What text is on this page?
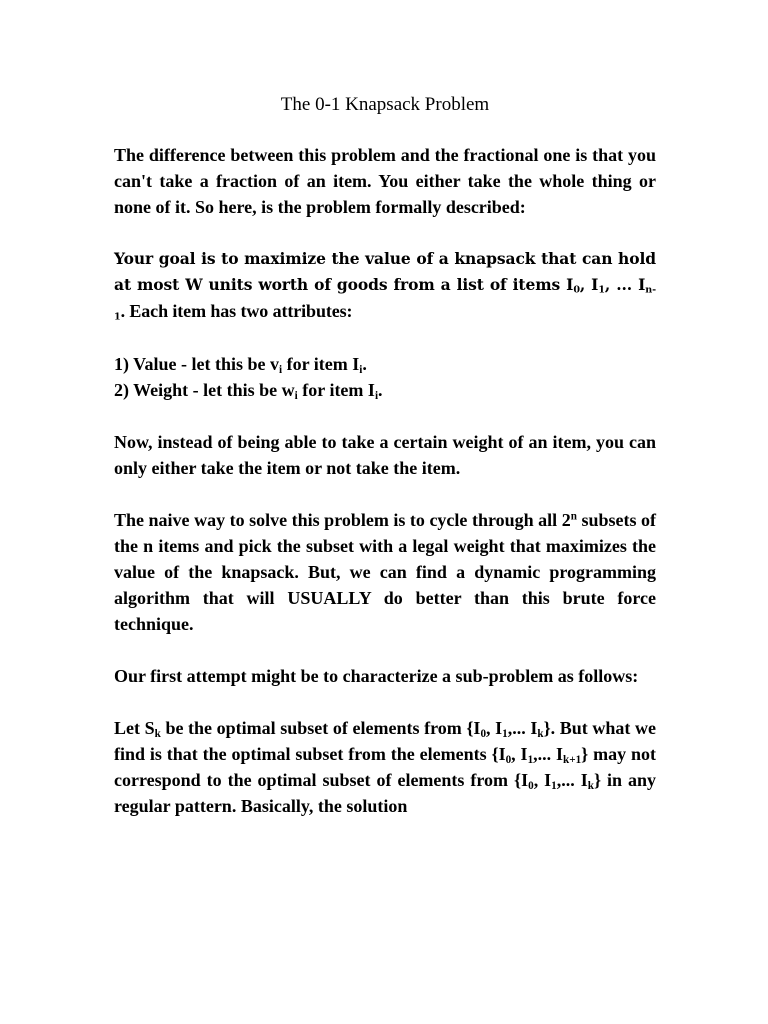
The 0-1 Knapsack Problem

The difference between this problem and the fractional one is that you can't take a fraction of an item. You either take the whole thing or none of it. So here, is the problem formally described:

Your goal is to maximize the value of a knapsack that can hold at most W units worth of goods from a list of items $I_0$, $I_1$, ... $I_{n-1}$. Each item has two attributes:

1) Value - let this be $v_i$ for item $I_i$.

2) Weight - let this be $w_i$ for item $I_i$.

Now, instead of being able to take a certain weight of an item, you can only either take the item or not take the item.

The naive way to solve this problem is to cycle through all 2$^n$ subsets of the n items and pick the subset with a legal weight that maximizes the value of the knapsack. But, we can find a dynamic programming algorithm that will USUALLY do better than this brute force technique.

Our first attempt might be to characterize a sub-problem as follows:

Let $S_k$ be the optimal subset of elements from {$I_0$, $I_1$,... $I_k$}. But what we find is that the optimal subset from the elements {$I_0$, $I_1$,... $I_{k+1}$} may not correspond to the optimal subset of elements from {$I_0$, $I_1$,... $I_k$} in any regular pattern. Basically, the solution
